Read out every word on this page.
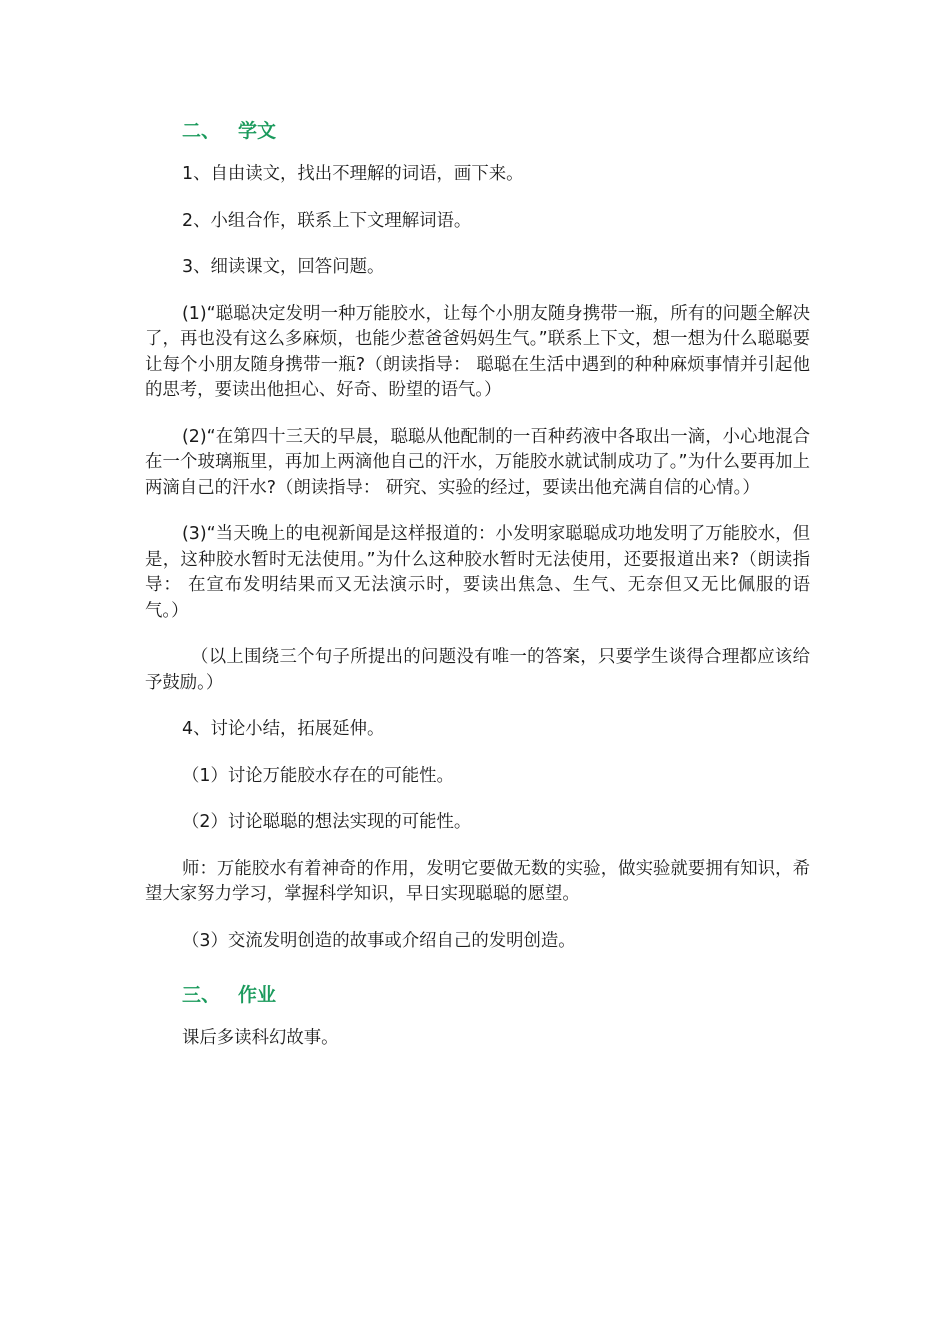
二、 学文

1、自由读文，找出不理解的词语，画下来。

2、小组合作，联系上下文理解词语。

3、细读课文，回答问题。

(1)“聪聪决定发明一种万能胶水，让每个小朋友随身携带一瓶，所有的问题全解决了，再也没有这么多麻烦，也能少惹爸爸妈妈生气。”联系上下文，想一想为什么聪聪要让每个小朋友随身携带一瓶?（朗读指导： 聪聪在生活中遇到的种种麻烦事情并引起他的思考，要读出他担心、好奇、盼望的语气。）

(2)“在第四十三天的早晨，聪聪从他配制的一百种药液中各取出一滴，小心地混合在一个玻璃瓶里，再加上两滴他自己的汗水，万能胶水就试制成功了。”为什么要再加上两滴自己的汗水?（朗读指导： 研究、实验的经过，要读出他充满自信的心情。）

(3)“当天晚上的电视新闻是这样报道的：小发明家聪聪成功地发明了万能胶水，但是，这种胶水暂时无法使用。”为什么这种胶水暂时无法使用，还要报道出来?（朗读指导： 在宣布发明结果而又无法演示时，要读出焦急、生气、无奈但又无比佩服的语气。）

（以上围绕三个句子所提出的问题没有唯一的答案，只要学生谈得合理都应该给予鼓励。）

4、讨论小结，拓展延伸。

（1）讨论万能胶水存在的可能性。

（2）讨论聪聪的想法实现的可能性。

师：万能胶水有着神奇的作用，发明它要做无数的实验，做实验就要拥有知识，希望大家努力学习，掌握科学知识，早日实现聪聪的愿望。

（3）交流发明创造的故事或介绍自己的发明创造。

三、 作业

课后多读科幻故事。
